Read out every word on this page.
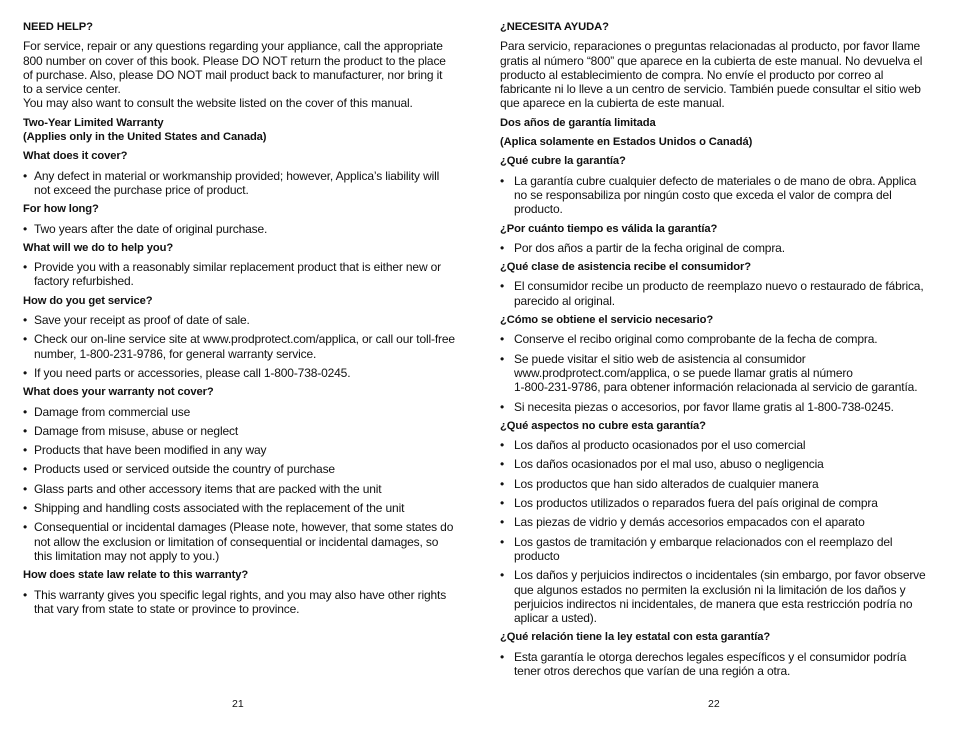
NEED HELP?
For service, repair or any questions regarding your appliance, call the appropriate 800 number on cover of this book. Please DO NOT return the product to the place of purchase. Also, please DO NOT mail product back to manufacturer, nor bring it to a service center.
You may also want to consult the website listed on the cover of this manual.
Two-Year Limited Warranty
(Applies only in the United States and Canada)
What does it cover?
• Any defect in material or workmanship provided; however, Applica’s liability will not exceed the purchase price of product.
For how long?
• Two years after the date of original purchase.
What will we do to help you?
• Provide you with a reasonably similar replacement product that is either new or factory refurbished.
How do you get service?
• Save your receipt as proof of date of sale.
• Check our on-line service site at www.prodprotect.com/applica, or call our toll-free number, 1-800-231-9786, for general warranty service.
• If you need parts or accessories, please call 1-800-738-0245.
What does your warranty not cover?
• Damage from commercial use
• Damage from misuse, abuse or neglect
• Products that have been modified in any way
• Products used or serviced outside the country of purchase
• Glass parts and other accessory items that are packed with the unit
• Shipping and handling costs associated with the replacement of the unit
• Consequential or incidental damages (Please note, however, that some states do not allow the exclusion or limitation of consequential or incidental damages, so this limitation may not apply to you.)
How does state law relate to this warranty?
• This warranty gives you specific legal rights, and you may also have other rights that vary from state to state or province to province.
¿NECESITA AYUDA?
Para servicio, reparaciones o preguntas relacionadas al producto, por favor llame gratis al número “800” que aparece en la cubierta de este manual. No devuelva el producto al establecimiento de compra. No envíe el producto por correo al fabricante ni lo lleve a un centro de servicio. También puede consultar el sitio web que aparece en la cubierta de este manual.
Dos años de garantía limitada
(Aplica solamente en Estados Unidos o Canadá)
¿Qué cubre la garantía?
• La garantía cubre cualquier defecto de materiales o de mano de obra. Applica no se responsabiliza por ningún costo que exceda el valor de compra del producto.
¿Por cuánto tiempo es válida la garantía?
• Por dos años a partir de la fecha original de compra.
¿Qué clase de asistencia recibe el consumidor?
• El consumidor recibe un producto de reemplazo nuevo o restaurado de fábrica, parecido al original.
¿Cómo se obtiene el servicio necesario?
• Conserve el recibo original como comprobante de la fecha de compra.
• Se puede visitar el sitio web de asistencia al consumidor
www.prodprotect.com/applica, o se puede llamar gratis al número
1-800-231-9786, para obtener información relacionada al servicio de garantía.
• Si necesita piezas o accesorios, por favor llame gratis al 1-800-738-0245.
¿Qué aspectos no cubre esta garantía?
• Los daños al producto ocasionados por el uso comercial
• Los daños ocasionados por el mal uso, abuso o negligencia
• Los productos que han sido alterados de cualquier manera
• Los productos utilizados o reparados fuera del país original de compra
• Las piezas de vidrio y demás accesorios empacados con el aparato
• Los gastos de tramitación y embarque relacionados con el reemplazo del producto
• Los daños y perjuicios indirectos o incidentales (sin embargo, por favor observe que algunos estados no permiten la exclusión ni la limitación de los daños y perjuicios indirectos ni incidentales, de manera que esta restricción podría no aplicar a usted).
¿Qué relación tiene la ley estatal con esta garantía?
• Esta garantía le otorga derechos legales específicos y el consumidor podría tener otros derechos que varían de una región a otra.
21	22
